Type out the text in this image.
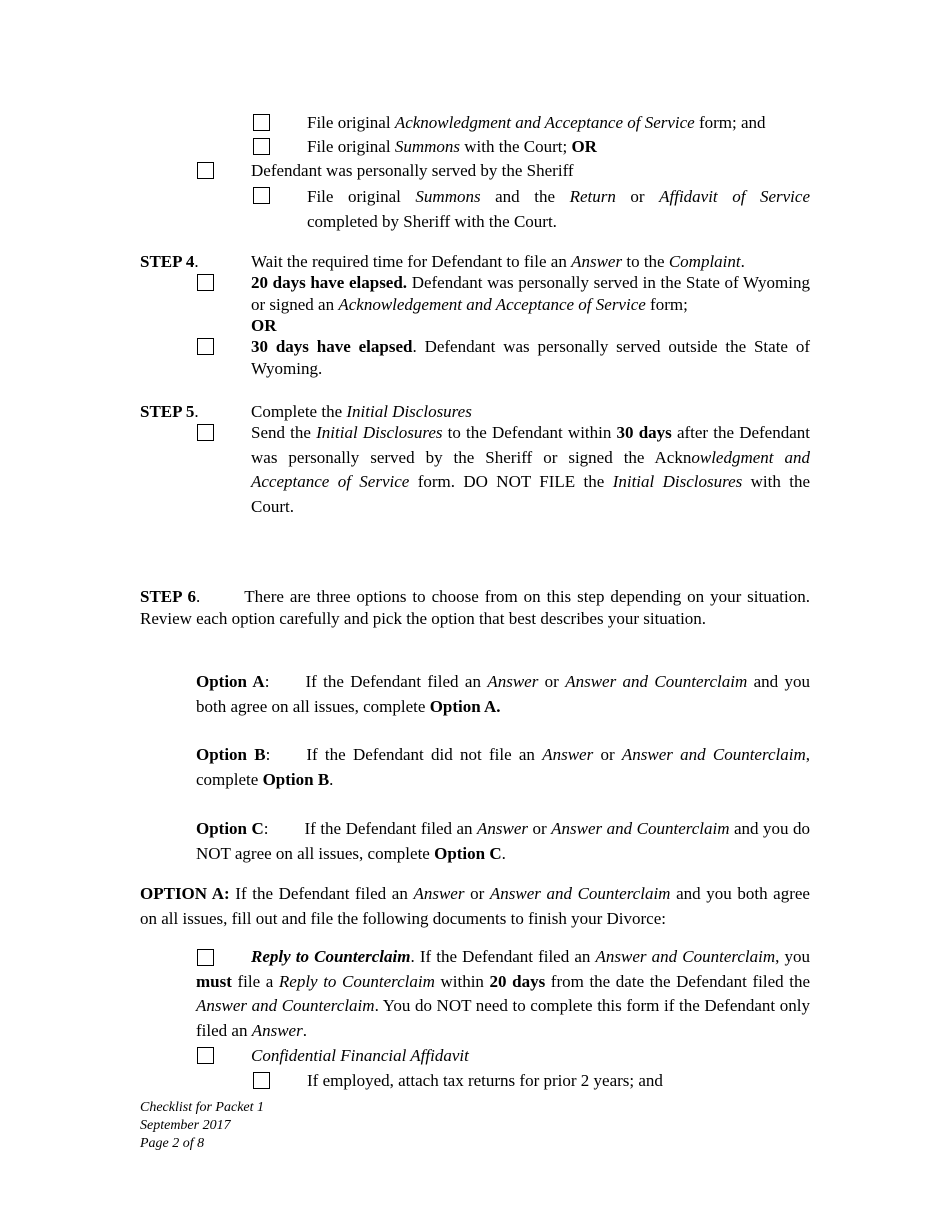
File original Acknowledgment and Acceptance of Service form; and
File original Summons with the Court; OR
Defendant was personally served by the Sheriff
File original Summons and the Return or Affidavit of Service
completed by Sheriff with the Court.
STEP 4.	Wait the required time for Defendant to file an Answer to the Complaint.
20 days have elapsed. Defendant was personally served in the State of Wyoming or signed an Acknowledgement and Acceptance of Service form;
OR
30 days have elapsed. Defendant was personally served outside the State of Wyoming.
STEP 5.	Complete the Initial Disclosures
Send the Initial Disclosures to the Defendant within 30 days after the Defendant was personally served by the Sheriff or signed the Acknowledgment and Acceptance of Service form. DO NOT FILE the Initial Disclosures with the Court.
STEP 6.	There are three options to choose from on this step depending on your situation. Review each option carefully and pick the option that best describes your situation.
Option A: If the Defendant filed an Answer or Answer and Counterclaim and you both agree on all issues, complete Option A.
Option B: If the Defendant did not file an Answer or Answer and Counterclaim, complete Option B.
Option C: If the Defendant filed an Answer or Answer and Counterclaim and you do NOT agree on all issues, complete Option C.
OPTION A: If the Defendant filed an Answer or Answer and Counterclaim and you both agree on all issues, fill out and file the following documents to finish your Divorce:
Reply to Counterclaim. If the Defendant filed an Answer and Counterclaim, you must file a Reply to Counterclaim within 20 days from the date the Defendant filed the Answer and Counterclaim. You do NOT need to complete this form if the Defendant only filed an Answer.
Confidential Financial Affidavit
If employed, attach tax returns for prior 2 years; and
Checklist for Packet 1
September 2017
Page 2 of 8
